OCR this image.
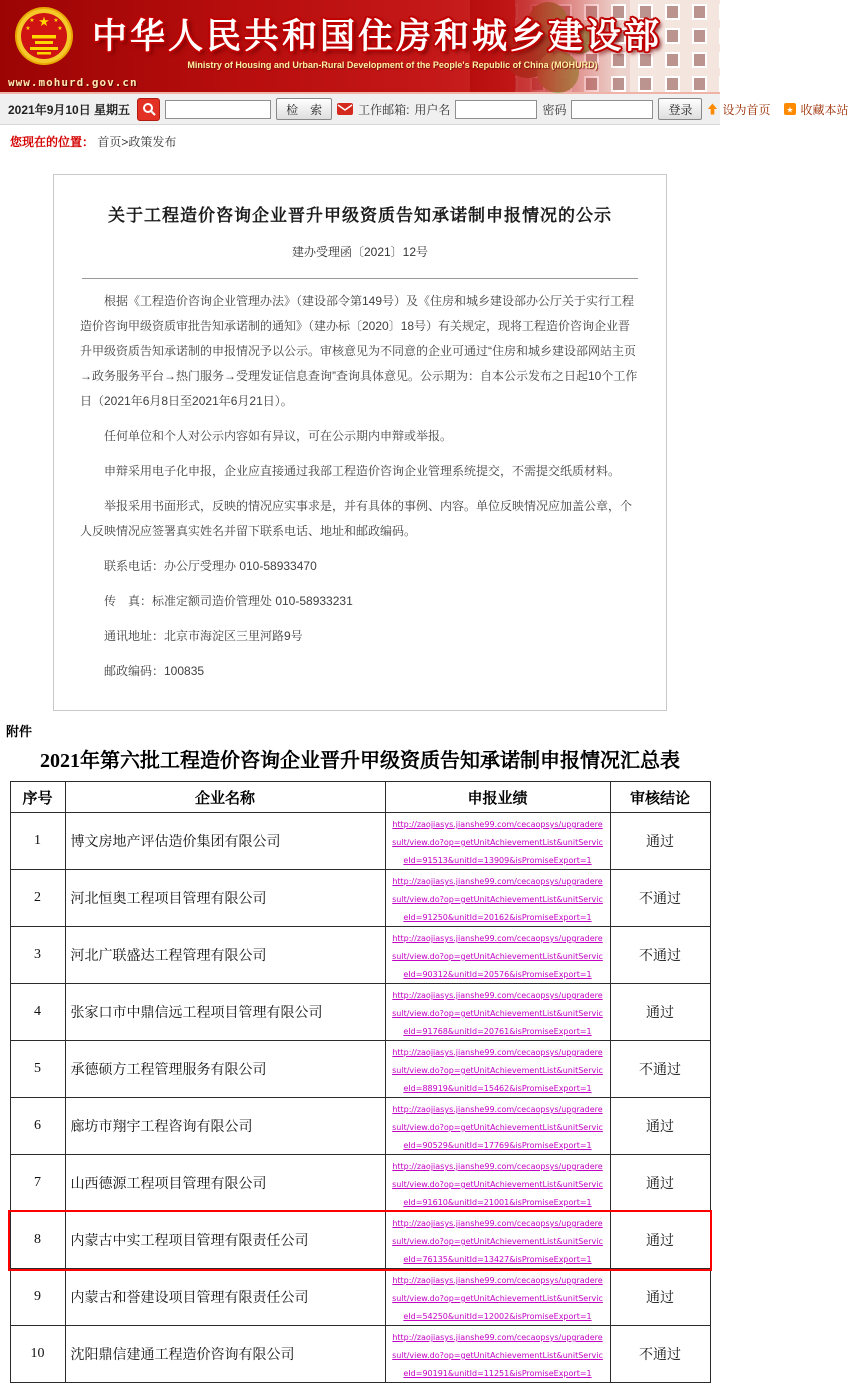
★
★	★
★	★
www.mohurd.gov.cn
中华人民共和国住房和城乡建设部
Ministry of Housing and Urban-Rural Development of the People's Republic of China (MOHURD)
2021年9月10日 星期五	检　索	工作邮箱: 用户名	密码	登录	设为首页 ★ 收藏本站
您现在的位置： 首页>政策发布
关于工程造价咨询企业晋升甲级资质告知承诺制申报情况的公示
建办受理函〔2021〕12号

根据《工程造价咨询企业管理办法》（建设部令第149号）及《住房和城乡建设部办公厅关于实行工程造价咨询甲级资质审批告知承诺制的通知》（建办标〔2020〕18号）有关规定，现将工程造价咨询企业晋升甲级资质告知承诺制的申报情况予以公示。审核意见为不同意的企业可通过“住房和城乡建设部网站主页→政务服务平台→热门服务→受理发证信息查询”查询具体意见。公示期为：自本公示发布之日起10个工作日（2021年6月8日至2021年6月21日）。

任何单位和个人对公示内容如有异议，可在公示期内申辩或举报。

申辩采用电子化申报，企业应直接通过我部工程造价咨询企业管理系统提交，不需提交纸质材料。

举报采用书面形式，反映的情况应实事求是，并有具体的事例、内容。单位反映情况应加盖公章，个人反映情况应签署真实姓名并留下联系电话、地址和邮政编码。

联系电话：办公厅受理办 010-58933470

传　真：标准定额司造价管理处 010-58933231

通讯地址：北京市海淀区三里河路9号

邮政编码：100835

附件
2021年第六批工程造价咨询企业晋升甲级资质告知承诺制申报情况汇总表
序号	企业名称	申报业绩	审核结论
1	博文房地产评估造价集团有限公司	http://zaojiasys.jianshe99.com/cecaopsys/upgraderesult/view.do?op=getUnitAchievementList&unitServiceId=91513&unitId=13909&isPromiseExport=1	通过
2	河北恒奥工程项目管理有限公司	http://zaojiasys.jianshe99.com/cecaopsys/upgraderesult/view.do?op=getUnitAchievementList&unitServiceId=91250&unitId=20162&isPromiseExport=1	不通过
3	河北广联盛达工程管理有限公司	http://zaojiasys.jianshe99.com/cecaopsys/upgraderesult/view.do?op=getUnitAchievementList&unitServiceId=90312&unitId=20576&isPromiseExport=1	不通过
4	张家口市中鼎信远工程项目管理有限公司	http://zaojiasys.jianshe99.com/cecaopsys/upgraderesult/view.do?op=getUnitAchievementList&unitServiceId=91768&unitId=20761&isPromiseExport=1	通过
5	承德硕方工程管理服务有限公司	http://zaojiasys.jianshe99.com/cecaopsys/upgraderesult/view.do?op=getUnitAchievementList&unitServiceId=88919&unitId=15462&isPromiseExport=1	不通过
6	廊坊市翔宇工程咨询有限公司	http://zaojiasys.jianshe99.com/cecaopsys/upgraderesult/view.do?op=getUnitAchievementList&unitServiceId=90529&unitId=17769&isPromiseExport=1	通过
7	山西德源工程项目管理有限公司	http://zaojiasys.jianshe99.com/cecaopsys/upgraderesult/view.do?op=getUnitAchievementList&unitServiceId=91610&unitId=21001&isPromiseExport=1	通过
8	内蒙古中实工程项目管理有限责任公司	http://zaojiasys.jianshe99.com/cecaopsys/upgraderesult/view.do?op=getUnitAchievementList&unitServiceId=76135&unitId=13427&isPromiseExport=1	通过
9	内蒙古和誉建设项目管理有限责任公司	http://zaojiasys.jianshe99.com/cecaopsys/upgraderesult/view.do?op=getUnitAchievementList&unitServiceId=54250&unitId=12002&isPromiseExport=1	通过
10	沈阳鼎信建通工程造价咨询有限公司	http://zaojiasys.jianshe99.com/cecaopsys/upgraderesult/view.do?op=getUnitAchievementList&unitServiceId=90191&unitId=11251&isPromiseExport=1	不通过
